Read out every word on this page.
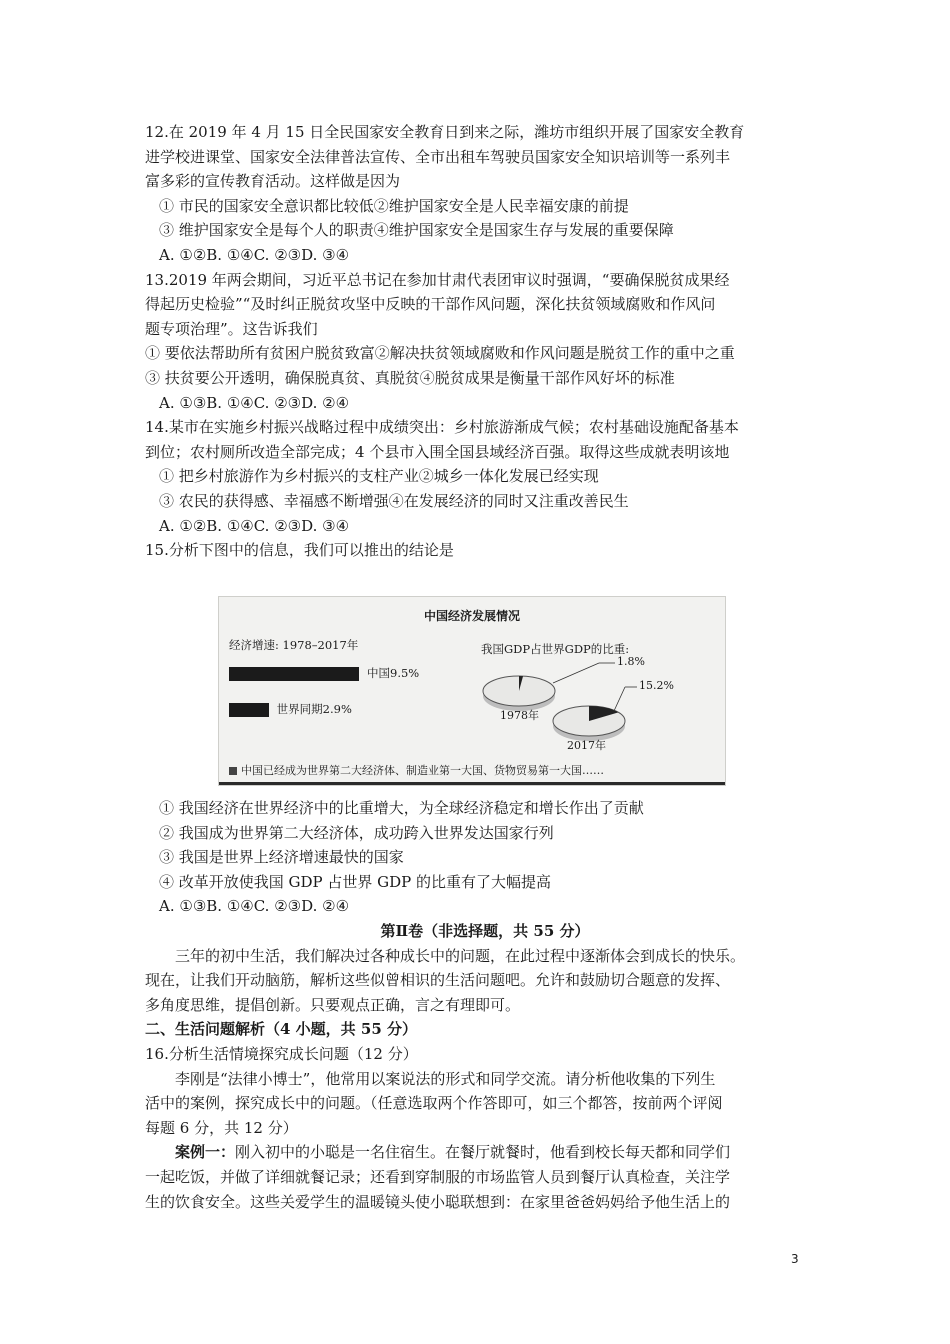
12.在 2019 年 4 月 15 日全民国家安全教育日到来之际，潍坊市组织开展了国家安全教育
进学校进课堂、国家安全法律普法宣传、全市出租车驾驶员国家安全知识培训等一系列丰
富多彩的宣传教育活动。这样做是因为
① 市民的国家安全意识都比较低②维护国家安全是人民幸福安康的前提
③ 维护国家安全是每个人的职责④维护国家安全是国家生存与发展的重要保障
A. ①②B. ①④C. ②③D. ③④
13.2019 年两会期间，习近平总书记在参加甘肃代表团审议时强调，“要确保脱贫成果经
得起历史检验”“及时纠正脱贫攻坚中反映的干部作风问题，深化扶贫领域腐败和作风问
题专项治理”。这告诉我们
① 要依法帮助所有贫困户脱贫致富②解决扶贫领域腐败和作风问题是脱贫工作的重中之重
③ 扶贫要公开透明，确保脱真贫、真脱贫④脱贫成果是衡量干部作风好坏的标准
A. ①③B. ①④C. ②③D. ②④
14.某市在实施乡村振兴战略过程中成绩突出：乡村旅游渐成气候；农村基础设施配备基本
到位；农村厕所改造全部完成；4 个县市入围全国县域经济百强。取得这些成就表明该地
① 把乡村旅游作为乡村振兴的支柱产业②城乡一体化发展已经实现
③ 农民的获得感、幸福感不断增强④在发展经济的同时又注重改善民生
A. ①②B. ①④C. ②③D. ③④
15.分析下图中的信息，我们可以推出的结论是
中国经济发展情况
经济增速: 1978–2017年
中国9.5%
世界同期2.9%
我国GDP占世界GDP的比重:
1.8%
15.2%
1978年
2017年
中国已经成为世界第二大经济体、制造业第一大国、货物贸易第一大国……
① 我国经济在世界经济中的比重增大，为全球经济稳定和增长作出了贡献
② 我国成为世界第二大经济体，成功跨入世界发达国家行列
③ 我国是世界上经济增速最快的国家
④ 改革开放使我国 GDP 占世界 GDP 的比重有了大幅提高
A. ①③B. ①④C. ②③D. ②④
第Ⅱ卷（非选择题，共 55 分）
三年的初中生活，我们解决过各种成长中的问题，在此过程中逐渐体会到成长的快乐。
现在，让我们开动脑筋，解析这些似曾相识的生活问题吧。允许和鼓励切合题意的发挥、
多角度思维，提倡创新。只要观点正确，言之有理即可。
二、生活问题解析（4 小题，共 55 分）
16.分析生活情境探究成长问题（12 分）
李刚是“法律小博士”，他常用以案说法的形式和同学交流。请分析他收集的下列生
活中的案例，探究成长中的问题。（任意选取两个作答即可，如三个都答，按前两个评阅
每题 6 分，共 12 分）
案例一：刚入初中的小聪是一名住宿生。在餐厅就餐时，他看到校长每天都和同学们
一起吃饭，并做了详细就餐记录；还看到穿制服的市场监管人员到餐厅认真检查，关注学
生的饮食安全。这些关爱学生的温暖镜头使小聪联想到：在家里爸爸妈妈给予他生活上的
3
